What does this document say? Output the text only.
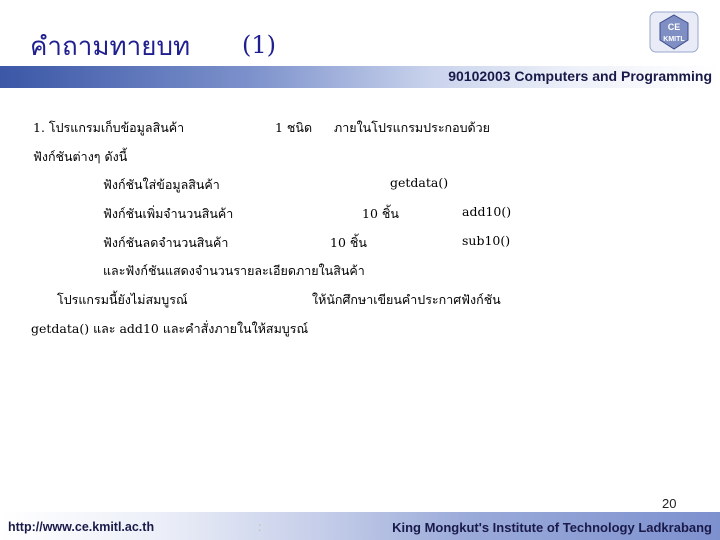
คำถามทายบท (1)
CE
KMITL
90102003 Computers and Programming
1. โปรแกรมเก็บข้อมูลสินค้า	1 ชนิด ภายในโปรแกรมประกอบด้วย
ฟังก์ชันต่างๆ ดังนี้
ฟังก์ชันใส่ข้อมูลสินค้า	getdata()
ฟังก์ชันเพิ่มจำนวนสินค้า	10 ชิ้น	add10()
ฟังก์ชันลดจำนวนสินค้า	10 ชิ้น	sub10()
และฟังก์ชันแสดงจำนวนรายละเอียดภายในสินค้า
โปรแกรมนี้ยังไม่สมบูรณ์	ให้นักศึกษาเขียนคำประกาศฟังก์ชัน
getdata() และ add10 และคำสั่งภายในให้สมบูรณ์
20
http://www.ce.kmitl.ac.th	:	King Mongkut's Institute of Technology Ladkrabang
